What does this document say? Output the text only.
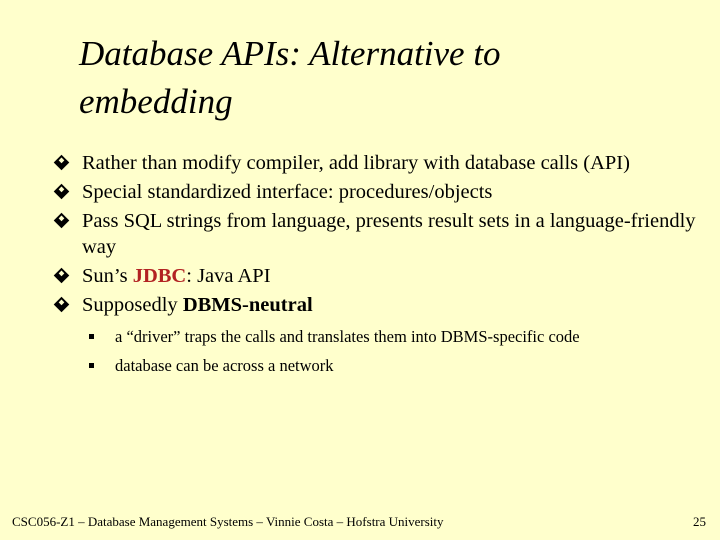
Database APIs: Alternative to
embedding
Rather than modify compiler, add library with database calls (API)
Special standardized interface: procedures/objects
Pass SQL strings from language, presents result sets in a language-friendly way
Sun’s JDBC: Java API
Supposedly DBMS-neutral
a “driver” traps the calls and translates them into DBMS-specific code
database can be across a network
CSC056-Z1 – Database Management Systems – Vinnie Costa – Hofstra University	25
